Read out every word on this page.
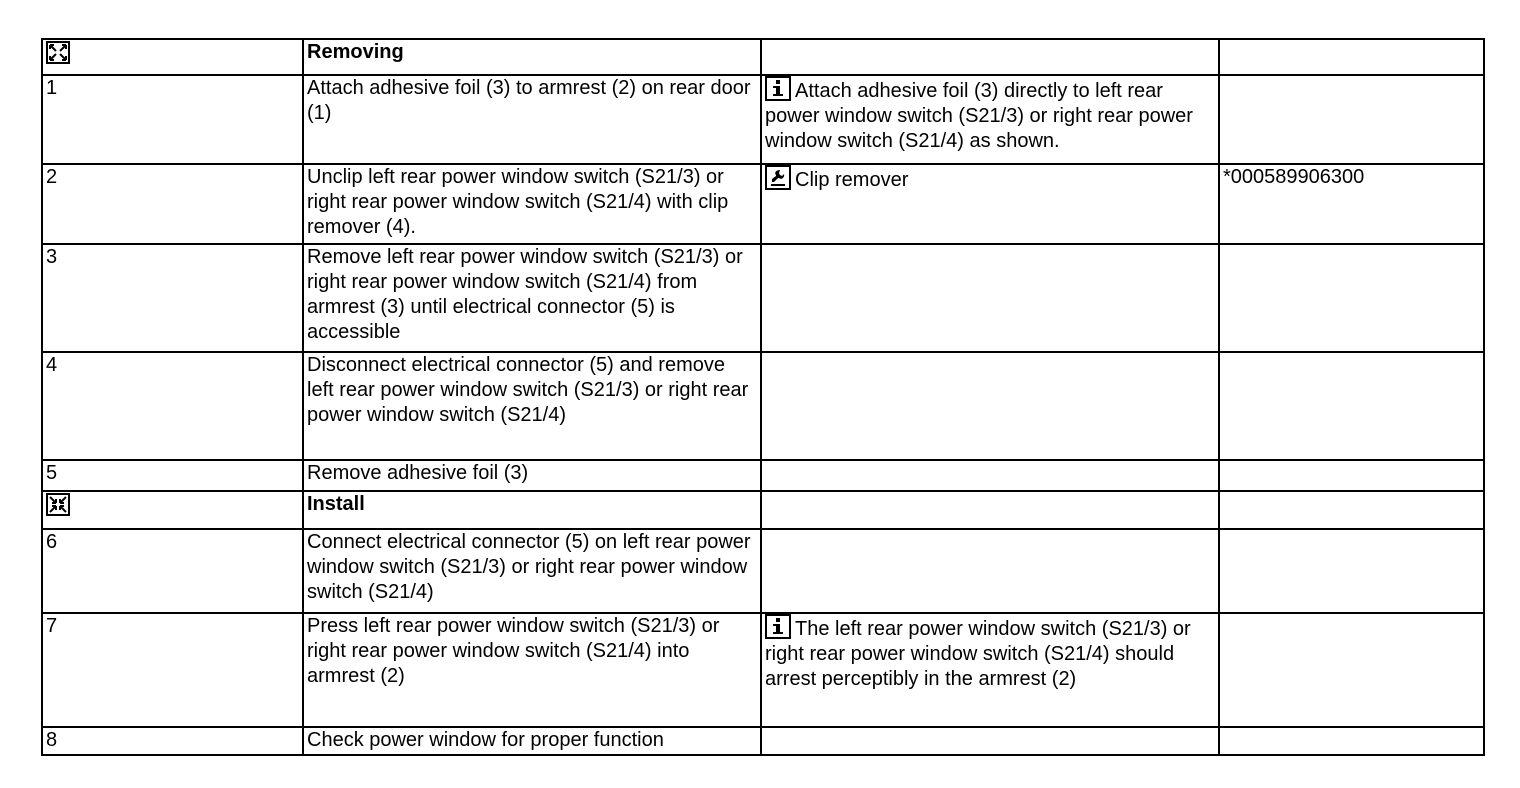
	Removing		
1	Attach adhesive foil (3) to armrest (2) on rear door (1)	Attach adhesive foil (3) directly to left rear power window switch (S21/3) or right rear power window switch (S21/4) as shown.	
2	Unclip left rear power window switch (S21/3) or right rear power window switch (S21/4) with clip remover (4).	Clip remover	*000589906300
3	Remove left rear power window switch (S21/3) or right rear power window switch (S21/4) from armrest (3) until electrical connector (5) is accessible		
4	Disconnect electrical connector (5) and remove left rear power window switch (S21/3) or right rear power window switch (S21/4)		
5	Remove adhesive foil (3)		

	Install		
6	Connect electrical connector (5) on left rear power window switch (S21/3) or right rear power window switch (S21/4)		
7	Press left rear power window switch (S21/3) or right rear power window switch (S21/4) into armrest (2)	The left rear power window switch (S21/3) or right rear power window switch (S21/4) should arrest perceptibly in the armrest (2)	
8	Check power window for proper function		
